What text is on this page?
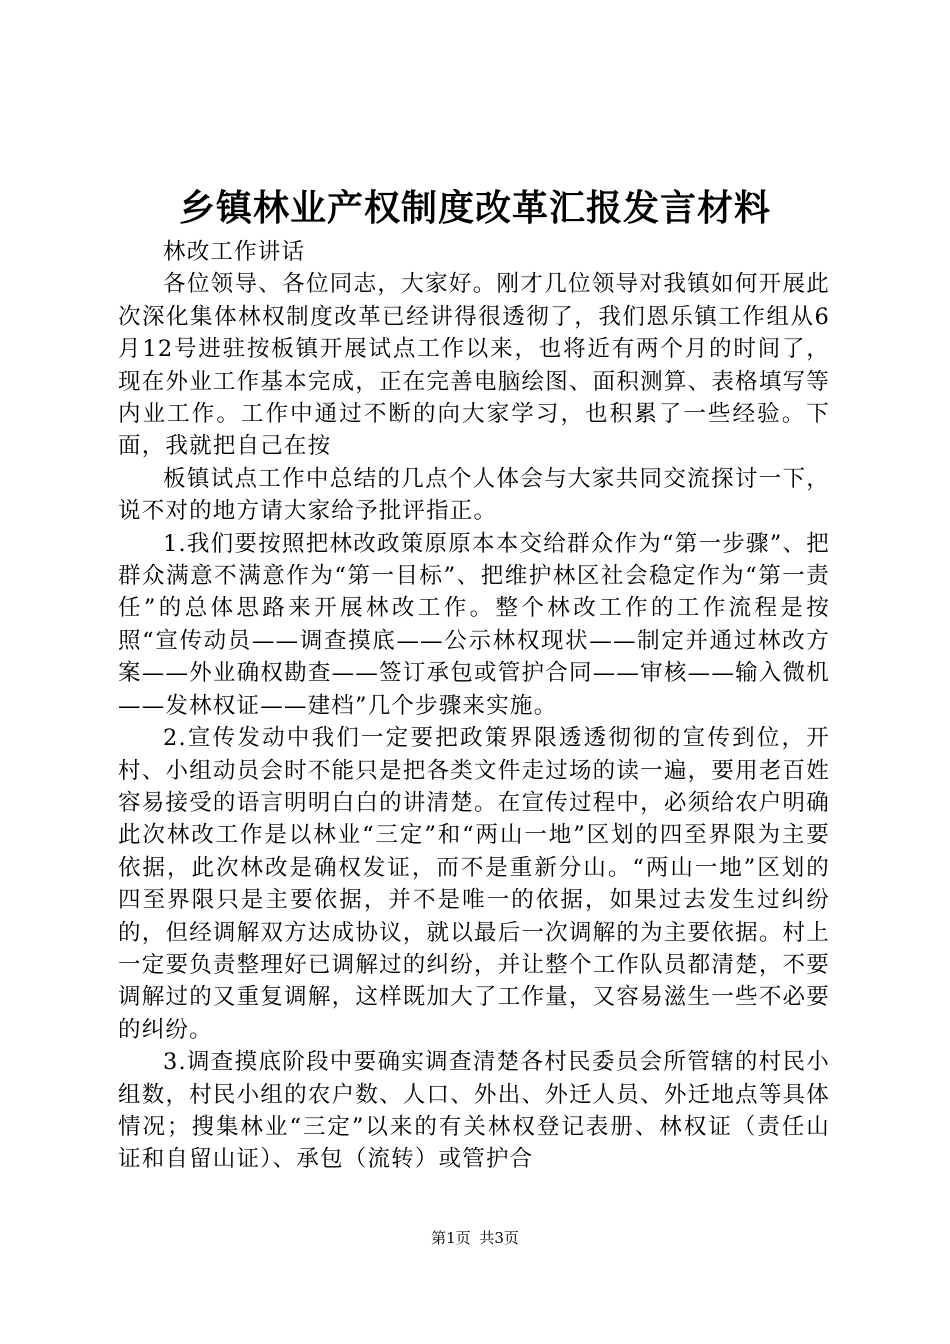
乡镇林业产权制度改革汇报发言材料

林改工作讲话

各位领导、各位同志，大家好。刚才几位领导对我镇如何开展此次深化集体林权制度改革已经讲得很透彻了，我们恩乐镇工作组从6月12号进驻按板镇开展试点工作以来，也将近有两个月的时间了，现在外业工作基本完成，正在完善电脑绘图、面积测算、表格填写等内业工作。工作中通过不断的向大家学习，也积累了一些经验。下面，我就把自己在按

板镇试点工作中总结的几点个人体会与大家共同交流探讨一下，说不对的地方请大家给予批评指正。

1.我们要按照把林改政策原原本本交给群众作为“第一步骤”、把群众满意不满意作为“第一目标”、把维护林区社会稳定作为“第一责任”的总体思路来开展林改工作。整个林改工作的工作流程是按照“宣传动员——调查摸底——公示林权现状——制定并通过林改方案——外业确权勘查——签订承包或管护合同——审核——输入微机——发林权证——建档”几个步骤来实施。

2.宣传发动中我们一定要把政策界限透透彻彻的宣传到位，开村、小组动员会时不能只是把各类文件走过场的读一遍，要用老百姓容易接受的语言明明白白的讲清楚。在宣传过程中，必须给农户明确此次林改工作是以林业“三定”和“两山一地”区划的四至界限为主要依据，此次林改是确权发证，而不是重新分山。“两山一地”区划的四至界限只是主要依据，并不是唯一的依据，如果过去发生过纠纷的，但经调解双方达成协议，就以最后一次调解的为主要依据。村上一定要负责整理好已调解过的纠纷，并让整个工作队员都清楚，不要调解过的又重复调解，这样既加大了工作量，又容易滋生一些不必要的纠纷。

3.调查摸底阶段中要确实调查清楚各村民委员会所管辖的村民小组数，村民小组的农户数、人口、外出、外迁人员、外迁地点等具体情况；搜集林业“三定”以来的有关林权登记表册、林权证（责任山证和自留山证）、承包（流转）或管护合

第1页 共3页
